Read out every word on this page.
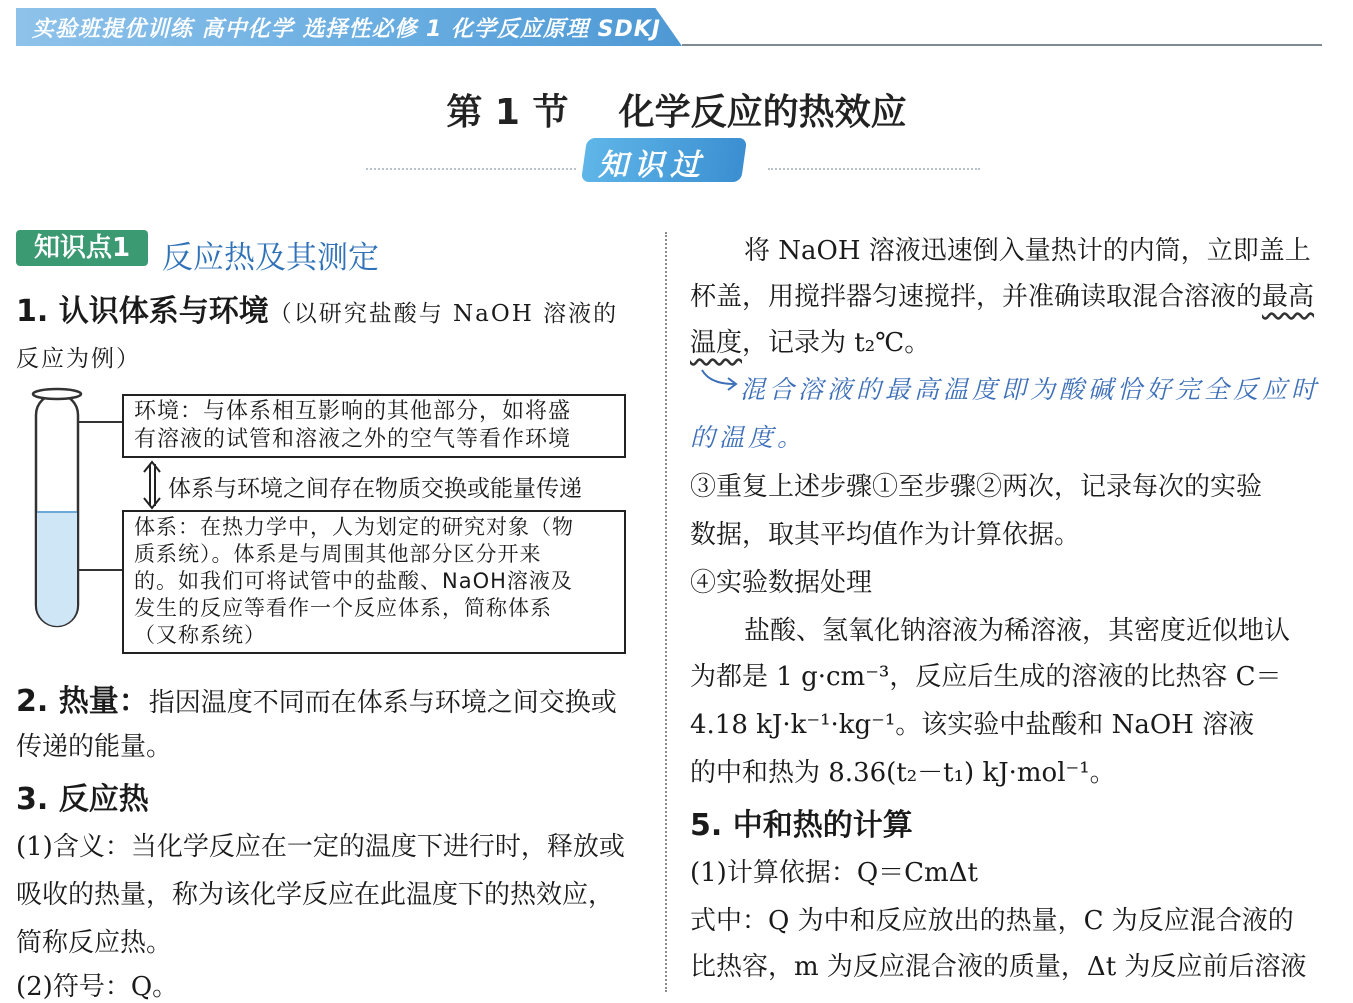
实验班提优训练 高中化学 选择性必修 1 化学反应原理 SDKJ
第 1 节    化学反应的热效应
知识过
知识点1	反应热及其测定
1. 认识体系与环境（以研究盐酸与 NaOH 溶液的
反应为例）
环境：与体系相互影响的其他部分，如将盛
有溶液的试管和溶液之外的空气等看作环境
体系与环境之间存在物质交换或能量传递
体系：在热力学中，人为划定的研究对象（物
质系统）。体系是与周围其他部分区分开来
的。如我们可将试管中的盐酸、NaOH溶液及
发生的反应等看作一个反应体系，简称体系
（又称系统）
2. 热量：指因温度不同而在体系与环境之间交换或
传递的能量。
3. 反应热
(1)含义：当化学反应在一定的温度下进行时，释放或
吸收的热量，称为该化学反应在此温度下的热效应，
简称反应热。
(2)符号：Q。
将 NaOH 溶液迅速倒入量热计的内筒，立即盖上
杯盖，用搅拌器匀速搅拌，并准确读取混合溶液的最高
温度，记录为 t₂℃。
混合溶液的最高温度即为酸碱恰好完全反应时
的温度。
③重复上述步骤①至步骤②两次，记录每次的实验
数据，取其平均值作为计算依据。
④实验数据处理
盐酸、氢氧化钠溶液为稀溶液，其密度近似地认
为都是 1 g·cm⁻³，反应后生成的溶液的比热容 C＝
4.18 kJ·k⁻¹·kg⁻¹。该实验中盐酸和 NaOH 溶液
的中和热为 8.36(t₂－t₁) kJ·mol⁻¹。
5. 中和热的计算
(1)计算依据：Q＝CmΔt
式中：Q 为中和反应放出的热量，C 为反应混合液的
比热容，m 为反应混合液的质量，Δt 为反应前后溶液
